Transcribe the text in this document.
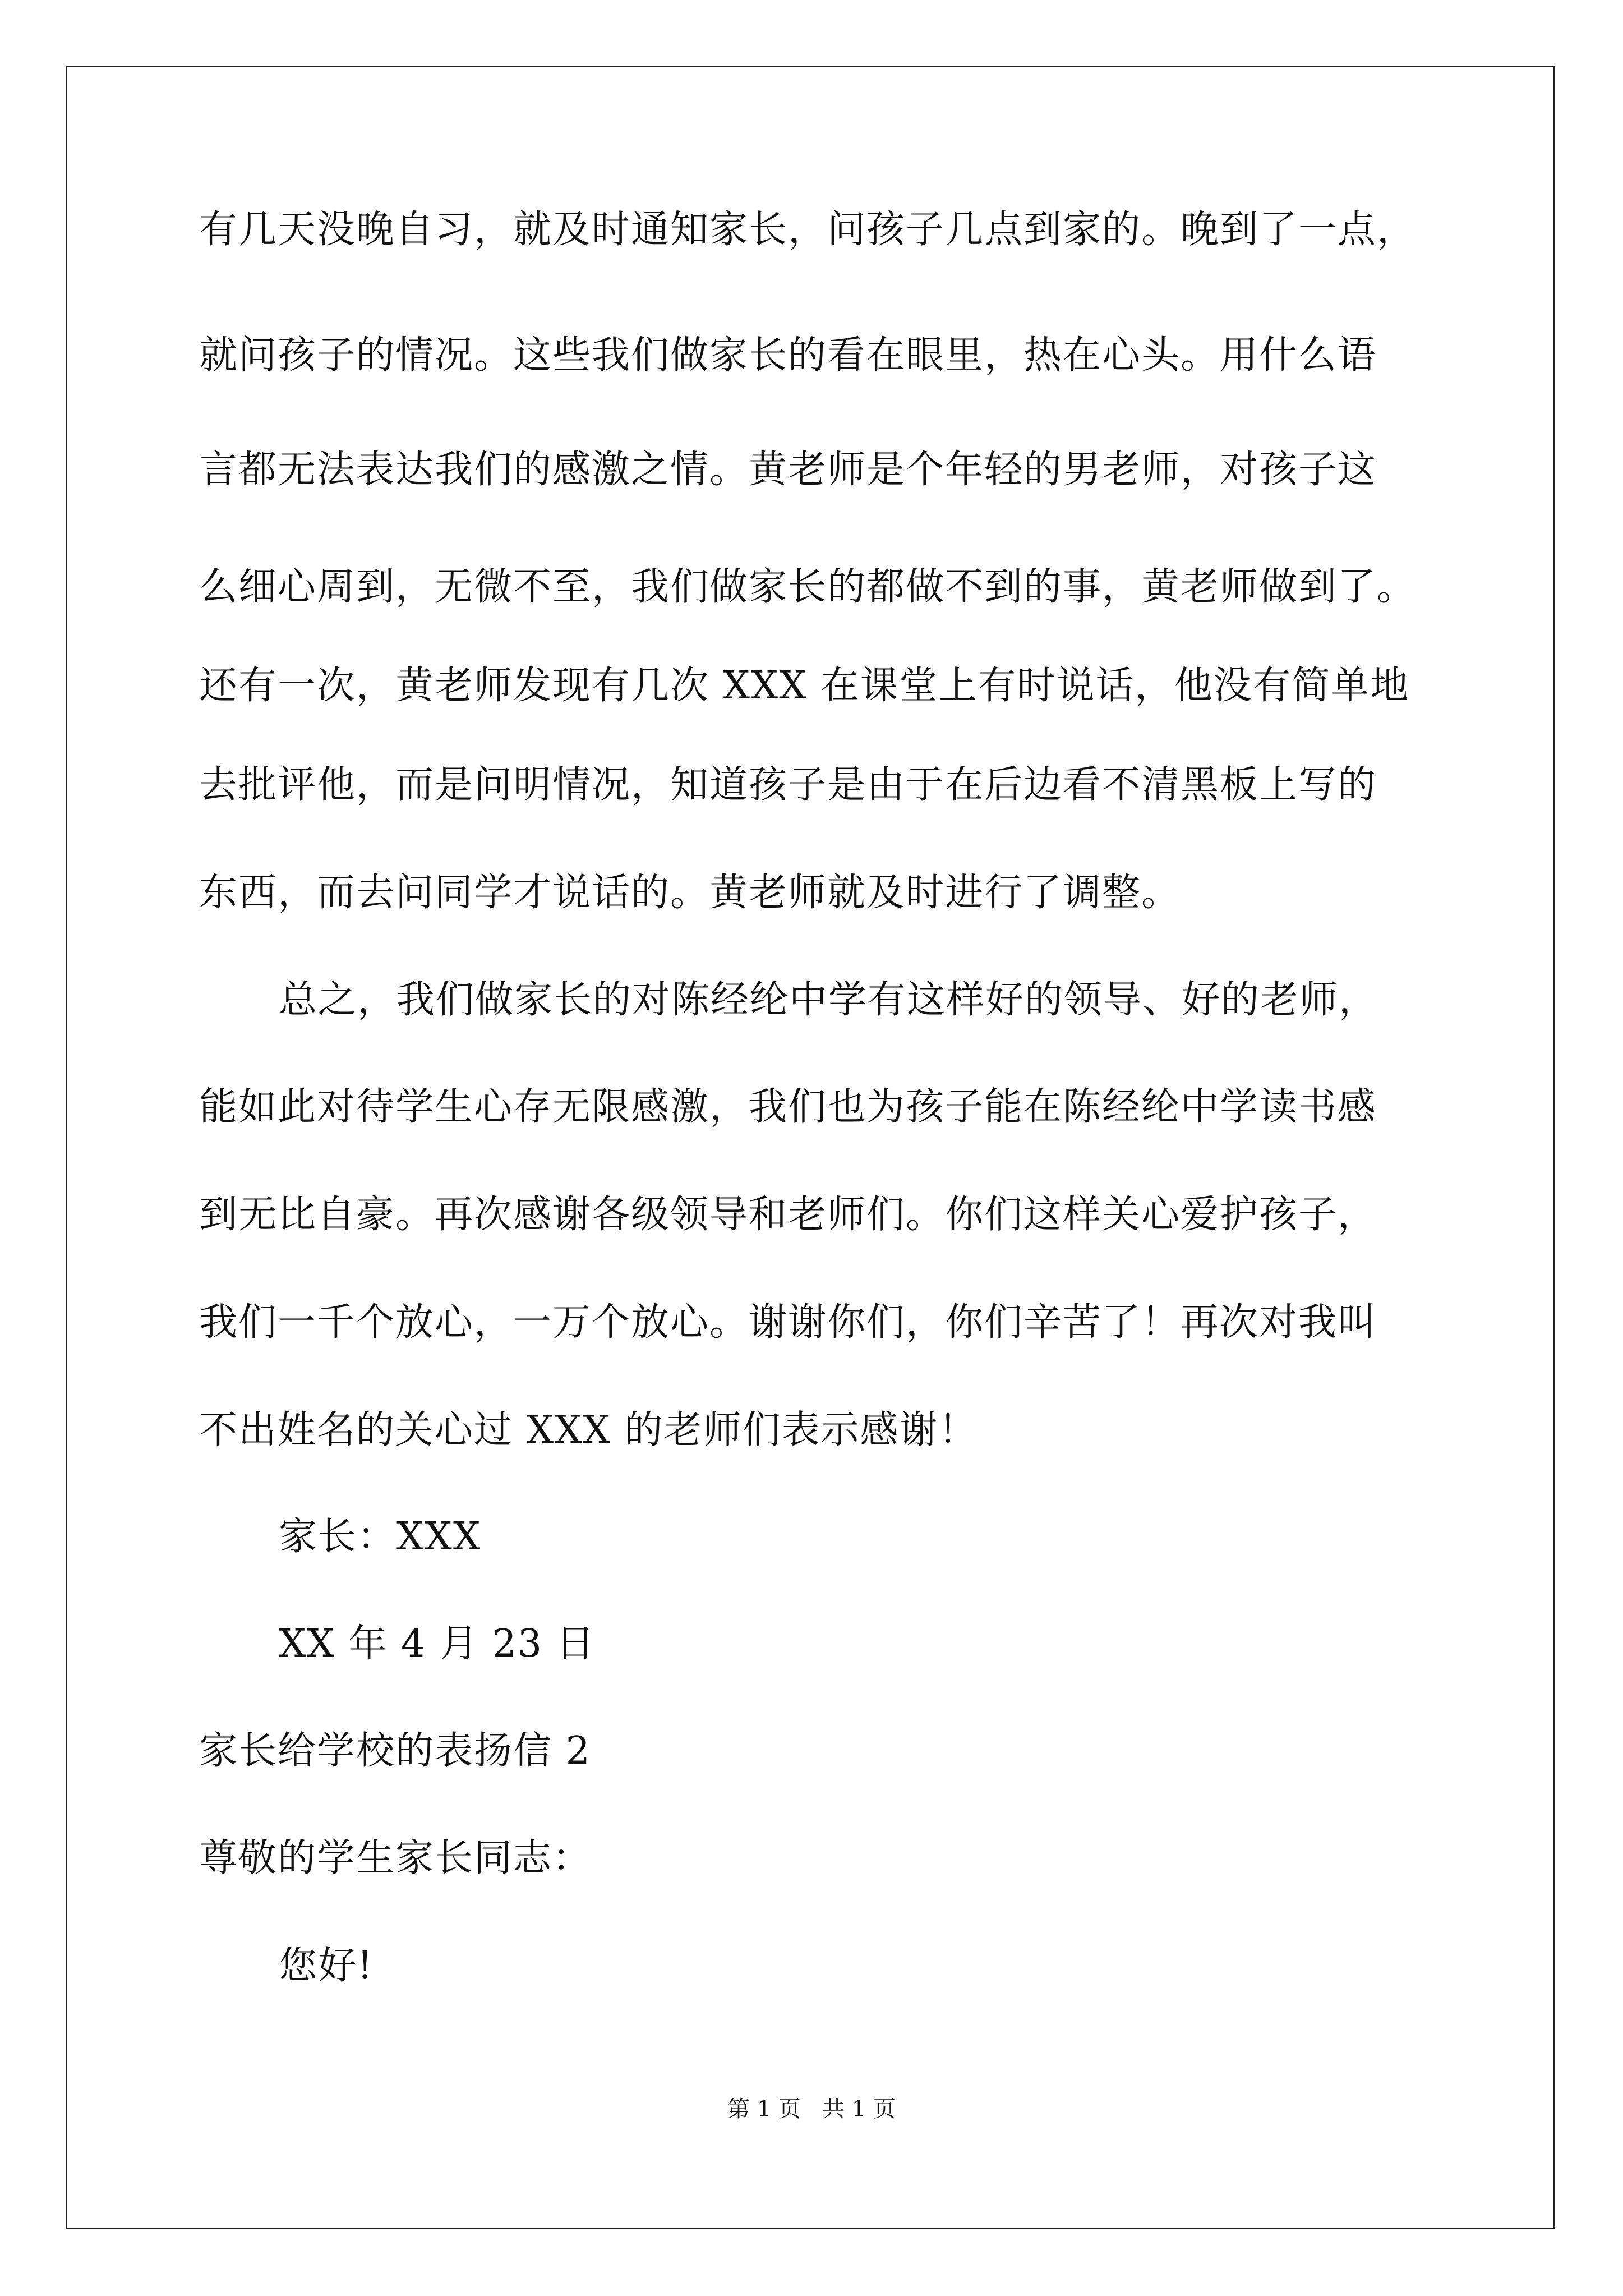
有几天没晚自习，就及时通知家长，问孩子几点到家的。晚到了一点，
就问孩子的情况。这些我们做家长的看在眼里，热在心头。用什么语
言都无法表达我们的感激之情。黄老师是个年轻的男老师，对孩子这
么细心周到，无微不至，我们做家长的都做不到的事，黄老师做到了。
还有一次，黄老师发现有几次 XXX 在课堂上有时说话，他没有简单地
去批评他，而是问明情况，知道孩子是由于在后边看不清黑板上写的
东西，而去问同学才说话的。黄老师就及时进行了调整。
总之，我们做家长的对陈经纶中学有这样好的领导、好的老师，
能如此对待学生心存无限感激，我们也为孩子能在陈经纶中学读书感
到无比自豪。再次感谢各级领导和老师们。你们这样关心爱护孩子，
我们一千个放心，一万个放心。谢谢你们，你们辛苦了！再次对我叫
不出姓名的关心过 XXX 的老师们表示感谢！
家长：XXX
XX 年 4 月 23 日
家长给学校的表扬信 2
尊敬的学生家长同志：
您好!
第 1 页   共 1 页
